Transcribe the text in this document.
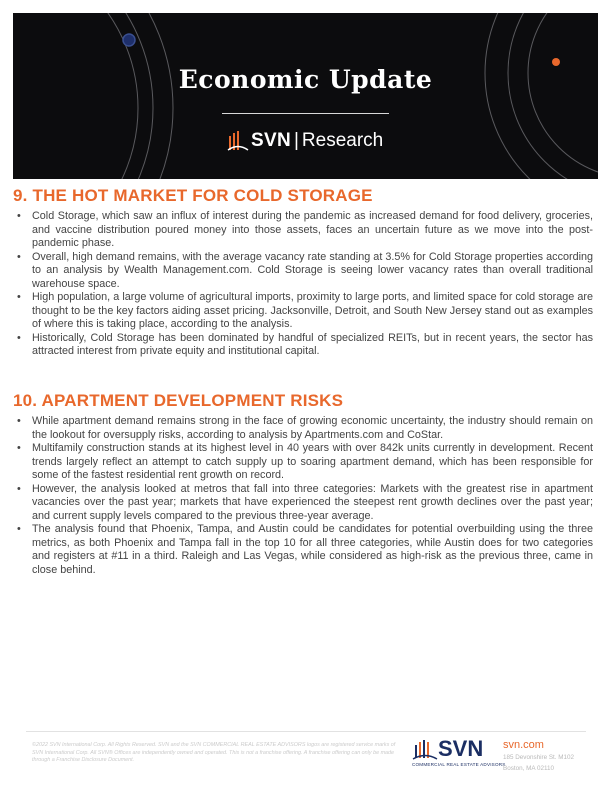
Economic Update
SVN | Research
9. THE HOT MARKET FOR COLD STORAGE
• Cold Storage, which saw an influx of interest during the pandemic as increased demand for food delivery, groceries, and vaccine distribution poured money into those assets, faces an uncertain future as we move into the post-pandemic phase.
• Overall, high demand remains, with the average vacancy rate standing at 3.5% for Cold Storage properties according to an analysis by Wealth Management.com. Cold Storage is seeing lower vacancy rates than overall traditional warehouse space.
• High population, a large volume of agricultural imports, proximity to large ports, and limited space for cold storage are thought to be the key factors aiding asset pricing. Jacksonville, Detroit, and South New Jersey stand out as examples of where this is taking place, according to the analysis.
• Historically, Cold Storage has been dominated by handful of specialized REITs, but in recent years, the sector has attracted interest from private equity and institutional capital.
10. APARTMENT DEVELOPMENT RISKS
• While apartment demand remains strong in the face of growing economic uncertainty, the industry should remain on the lookout for oversupply risks, according to analysis by Apartments.com and CoStar.
• Multifamily construction stands at its highest level in 40 years with over 842k units currently in development. Recent trends largely reflect an attempt to catch supply up to soaring apartment demand, which has been responsible for some of the fastest residential rent growth on record.
• However, the analysis looked at metros that fall into three categories: Markets with the greatest rise in apartment vacancies over the past year; markets that have experienced the steepest rent growth declines over the past year; and current supply levels compared to the previous three-year average.
• The analysis found that Phoenix, Tampa, and Austin could be candidates for potential overbuilding using the three metrics, as both Phoenix and Tampa fall in the top 10 for all three categories, while Austin does for two categories and registers at #11 in a third. Raleigh and Las Vegas, while considered as high-risk as the previous three, came in close behind.
©2022 SVN International Corp. All Rights Reserved. SVN and the SVN COMMERCIAL REAL ESTATE ADVISORS logos are registered service marks of SVN International Corp. All SVN® Offices are independently owned and operated. This is not a franchise offering. A franchise offering can only be made through a Franchise Disclosure Document.	SVN
COMMERCIAL REAL ESTATE ADVISORS
svn.com
185 Devonshire St. M102
Boston, MA 02110
